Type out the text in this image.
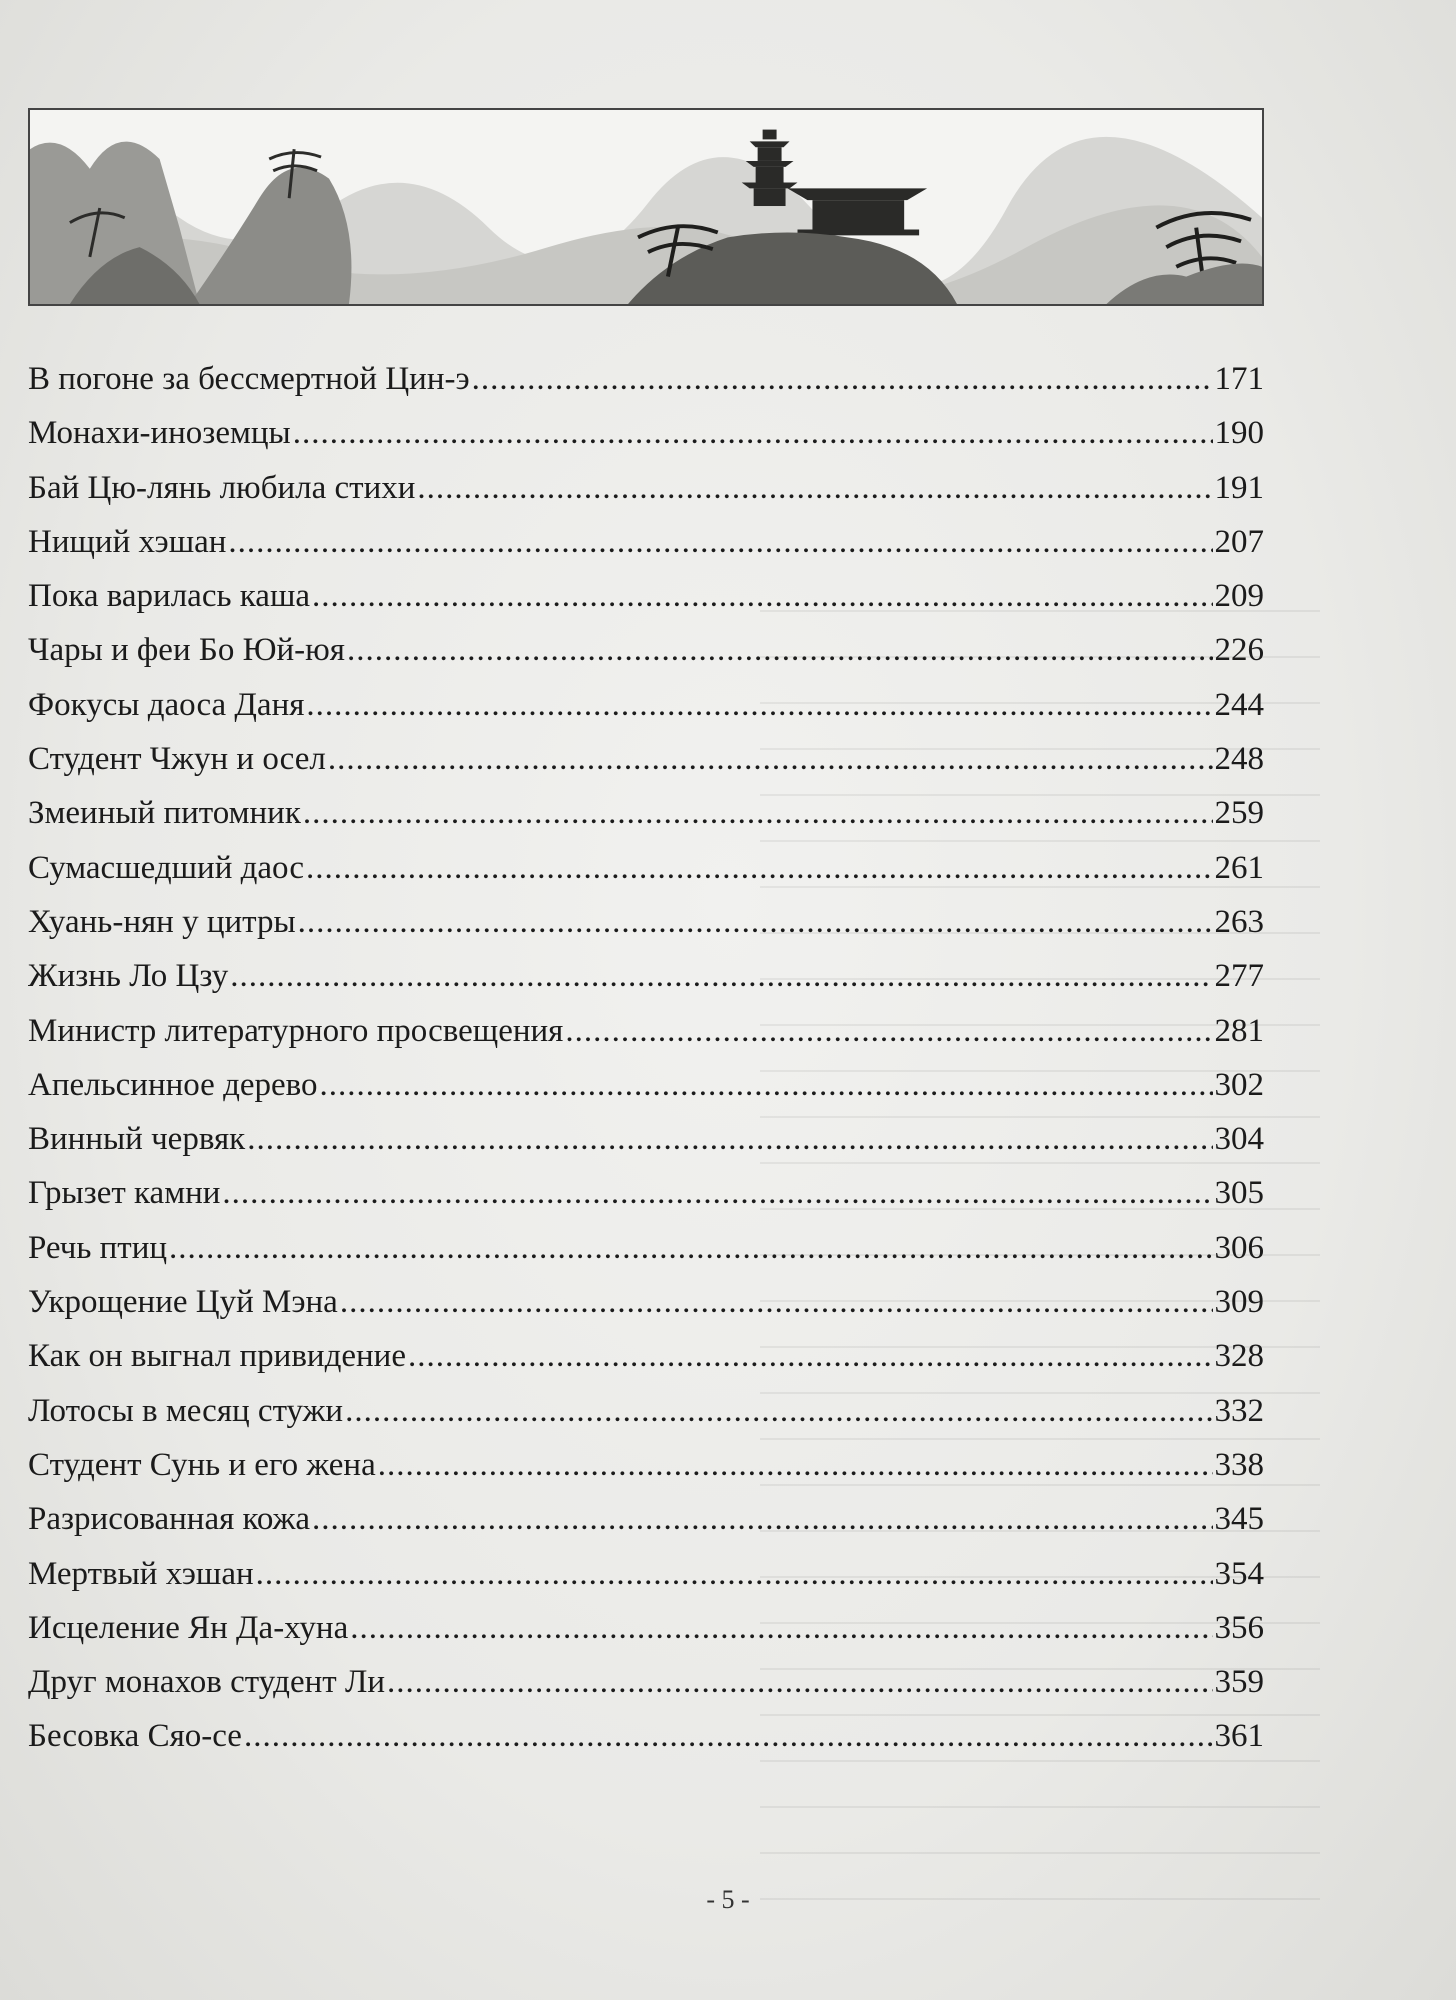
В погоне за бессмертной Цин-э .....	171
Монахи-иноземцы .....	190
Бай Цю-лянь любила стихи .....	191
Нищий хэшан .....	207
Пока варилась каша .....	209
Чары и феи Бо Юй-юя .....	226
Фокусы даоса Даня .....	244
Студент Чжун и осел .....	248
Змеиный питомник .....	259
Сумасшедший даос .....	261
Хуань-нян у цитры .....	263
Жизнь Ло Цзу .....	277
Министр литературного просвещения .....	281
Апельсинное дерево .....	302
Винный червяк .....	304
Грызет камни .....	305
Речь птиц .....	306
Укрощение Цуй Мэна .....	309
Как он выгнал привидение .....	328
Лотосы в месяц стужи .....	332
Студент Сунь и его жена .....	338
Разрисованная кожа .....	345
Мертвый хэшан .....	354
Исцеление Ян Да-хуна .....	356
Друг монахов студент Ли .....	359
Бесовка Сяо-се .....	361
- 5 -
